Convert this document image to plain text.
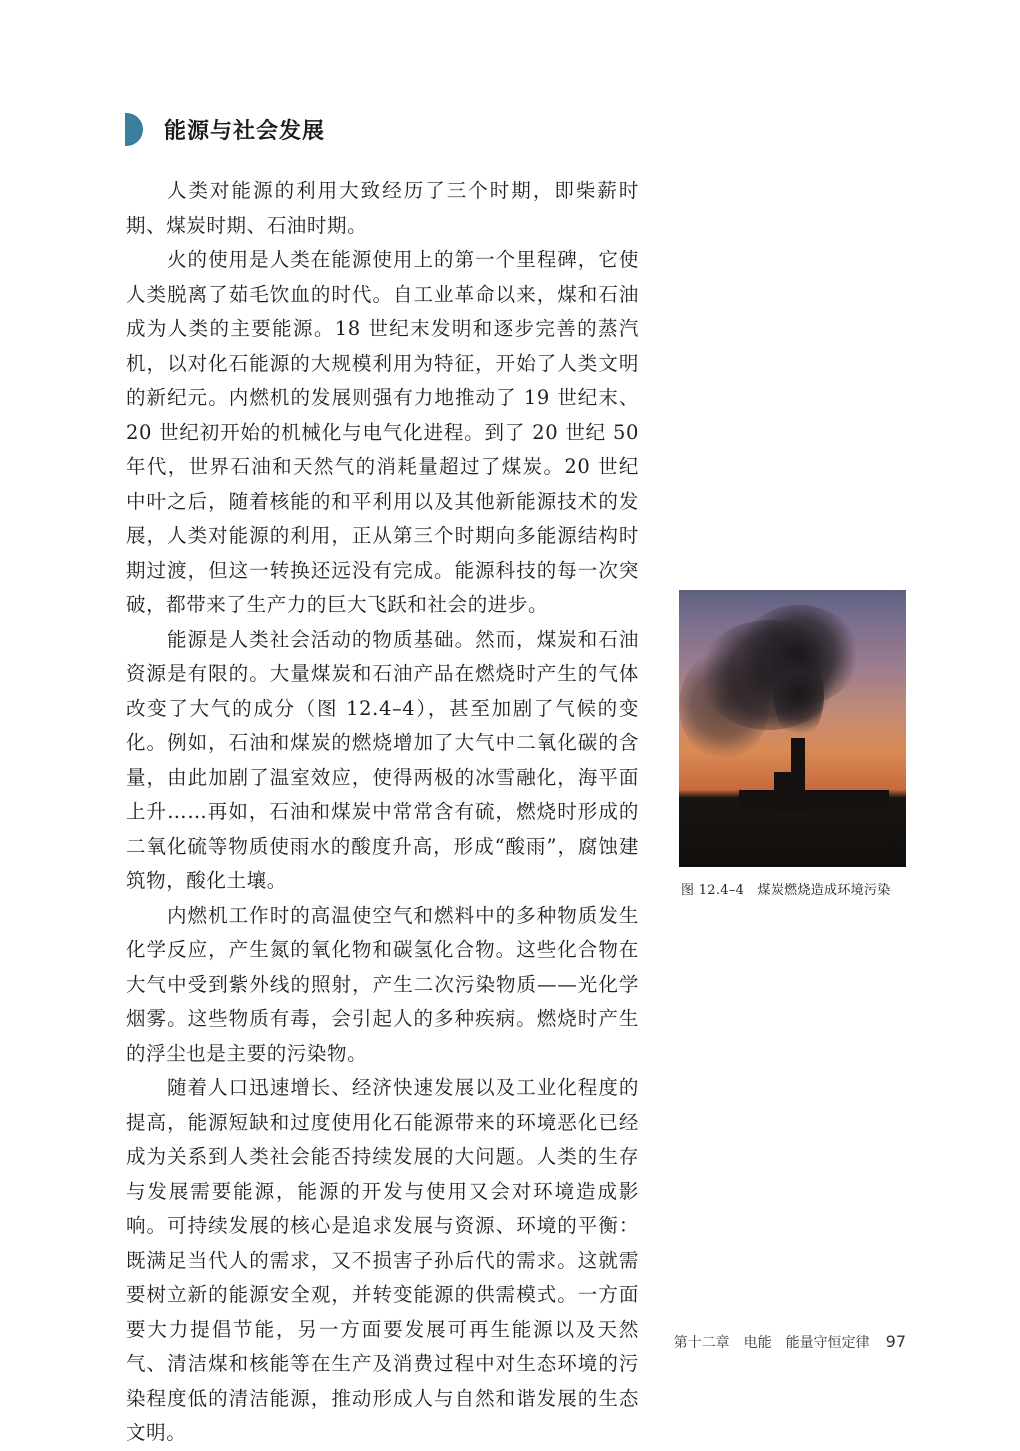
能源与社会发展

人类对能源的利用大致经历了三个时期，即柴薪时期、煤炭时期、石油时期。

火的使用是人类在能源使用上的第一个里程碑，它使人类脱离了茹毛饮血的时代。自工业革命以来，煤和石油成为人类的主要能源。18 世纪末发明和逐步完善的蒸汽机，以对化石能源的大规模利用为特征，开始了人类文明的新纪元。内燃机的发展则强有力地推动了 19 世纪末、20 世纪初开始的机械化与电气化进程。到了 20 世纪 50 年代，世界石油和天然气的消耗量超过了煤炭。20 世纪中叶之后，随着核能的和平利用以及其他新能源技术的发展，人类对能源的利用，正从第三个时期向多能源结构时期过渡，但这一转换还远没有完成。能源科技的每一次突破，都带来了生产力的巨大飞跃和社会的进步。

能源是人类社会活动的物质基础。然而，煤炭和石油资源是有限的。大量煤炭和石油产品在燃烧时产生的气体改变了大气的成分（图 12.4–4），甚至加剧了气候的变化。例如，石油和煤炭的燃烧增加了大气中二氧化碳的含量，由此加剧了温室效应，使得两极的冰雪融化，海平面上升……再如，石油和煤炭中常常含有硫，燃烧时形成的二氧化硫等物质使雨水的酸度升高，形成“酸雨”，腐蚀建筑物，酸化土壤。

内燃机工作时的高温使空气和燃料中的多种物质发生化学反应，产生氮的氧化物和碳氢化合物。这些化合物在大气中受到紫外线的照射，产生二次污染物质——光化学烟雾。这些物质有毒，会引起人的多种疾病。燃烧时产生的浮尘也是主要的污染物。

随着人口迅速增长、经济快速发展以及工业化程度的提高，能源短缺和过度使用化石能源带来的环境恶化已经成为关系到人类社会能否持续发展的大问题。人类的生存与发展需要能源，能源的开发与使用又会对环境造成影响。可持续发展的核心是追求发展与资源、环境的平衡：既满足当代人的需求，又不损害子孙后代的需求。这就需要树立新的能源安全观，并转变能源的供需模式。一方面要大力提倡节能，另一方面要发展可再生能源以及天然气、清洁煤和核能等在生产及消费过程中对生态环境的污染程度低的清洁能源，推动形成人与自然和谐发展的生态文明。

图 12.4–4　煤炭燃烧造成环境污染
第十二章 电能　能量守恒定律 97
